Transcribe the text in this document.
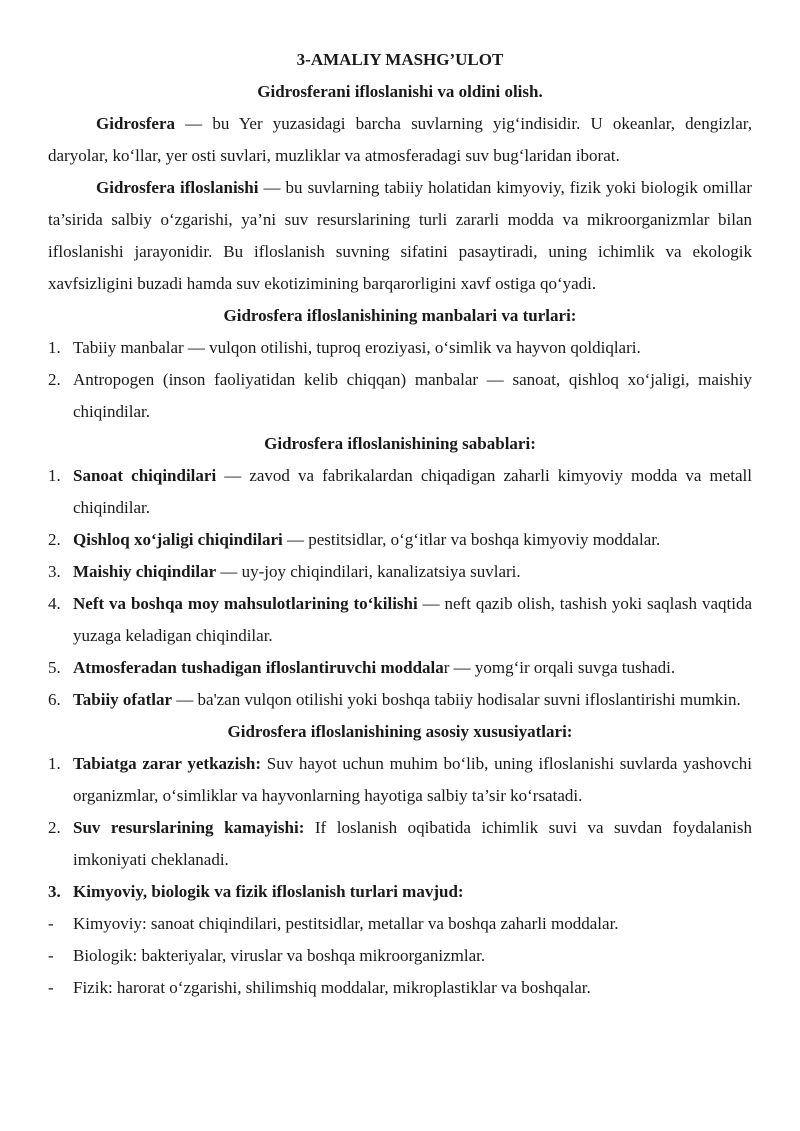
3-AMALIY MASHG’ULOT

Gidrosferani ifloslanishi va oldini olish.

Gidrosfera — bu Yer yuzasidagi barcha suvlarning yig‘indisidir. U okeanlar, dengizlar, daryolar, ko‘llar, yer osti suvlari, muzliklar va atmosferadagi suv bug‘laridan iborat.

Gidrosfera ifloslanishi — bu suvlarning tabiiy holatidan kimyoviy, fizik yoki biologik omillar ta’sirida salbiy o‘zgarishi, ya’ni suv resurslarining turli zararli modda va mikroorganizmlar bilan ifloslanishi jarayonidir. Bu ifloslanish suvning sifatini pasaytiradi, uning ichimlik va ekologik xavfsizligini buzadi hamda suv ekotizimining barqarorligini xavf ostiga qo‘yadi.

Gidrosfera ifloslanishining manbalari va turlari:

1. Tabiiy manbalar — vulqon otilishi, tuproq eroziyasi, o‘simlik va hayvon qoldiqlari.
2. Antropogen (inson faoliyatidan kelib chiqqan) manbalar — sanoat, qishloq xo‘jaligi, maishiy chiqindilar.

Gidrosfera ifloslanishining sabablari:

1. Sanoat chiqindilari — zavod va fabrikalardan chiqadigan zaharli kimyoviy modda va metall chiqindilar.
2. Qishloq xo‘jaligi chiqindilari — pestitsidlar, o‘g‘itlar va boshqa kimyoviy moddalar.
3. Maishiy chiqindilar — uy-joy chiqindilari, kanalizatsiya suvlari.
4. Neft va boshqa moy mahsulotlarining to‘kilishi — neft qazib olish, tashish yoki saqlash vaqtida yuzaga keladigan chiqindilar.
5. Atmosferadan tushadigan ifloslantiruvchi moddalar — yomg‘ir orqali suvga tushadi.
6. Tabiiy ofatlar — ba'zan vulqon otilishi yoki boshqa tabiiy hodisalar suvni ifloslantirishi mumkin.

Gidrosfera ifloslanishining asosiy xususiyatlari:

1. Tabiatga zarar yetkazish: Suv hayot uchun muhim bo‘lib, uning ifloslanishi suvlarda yashovchi organizmlar, o‘simliklar va hayvonlarning hayotiga salbiy ta’sir ko‘rsatadi.
2. Suv resurslarining kamayishi: If loslanish oqibatida ichimlik suvi va suvdan foydalanish imkoniyati cheklanadi.
3. Kimyoviy, biologik va fizik ifloslanish turlari mavjud:
- Kimyoviy: sanoat chiqindilari, pestitsidlar, metallar va boshqa zaharli moddalar.
- Biologik: bakteriyalar, viruslar va boshqa mikroorganizmlar.
- Fizik: harorat o‘zgarishi, shilimshiq moddalar, mikroplastiklar va boshqalar.
